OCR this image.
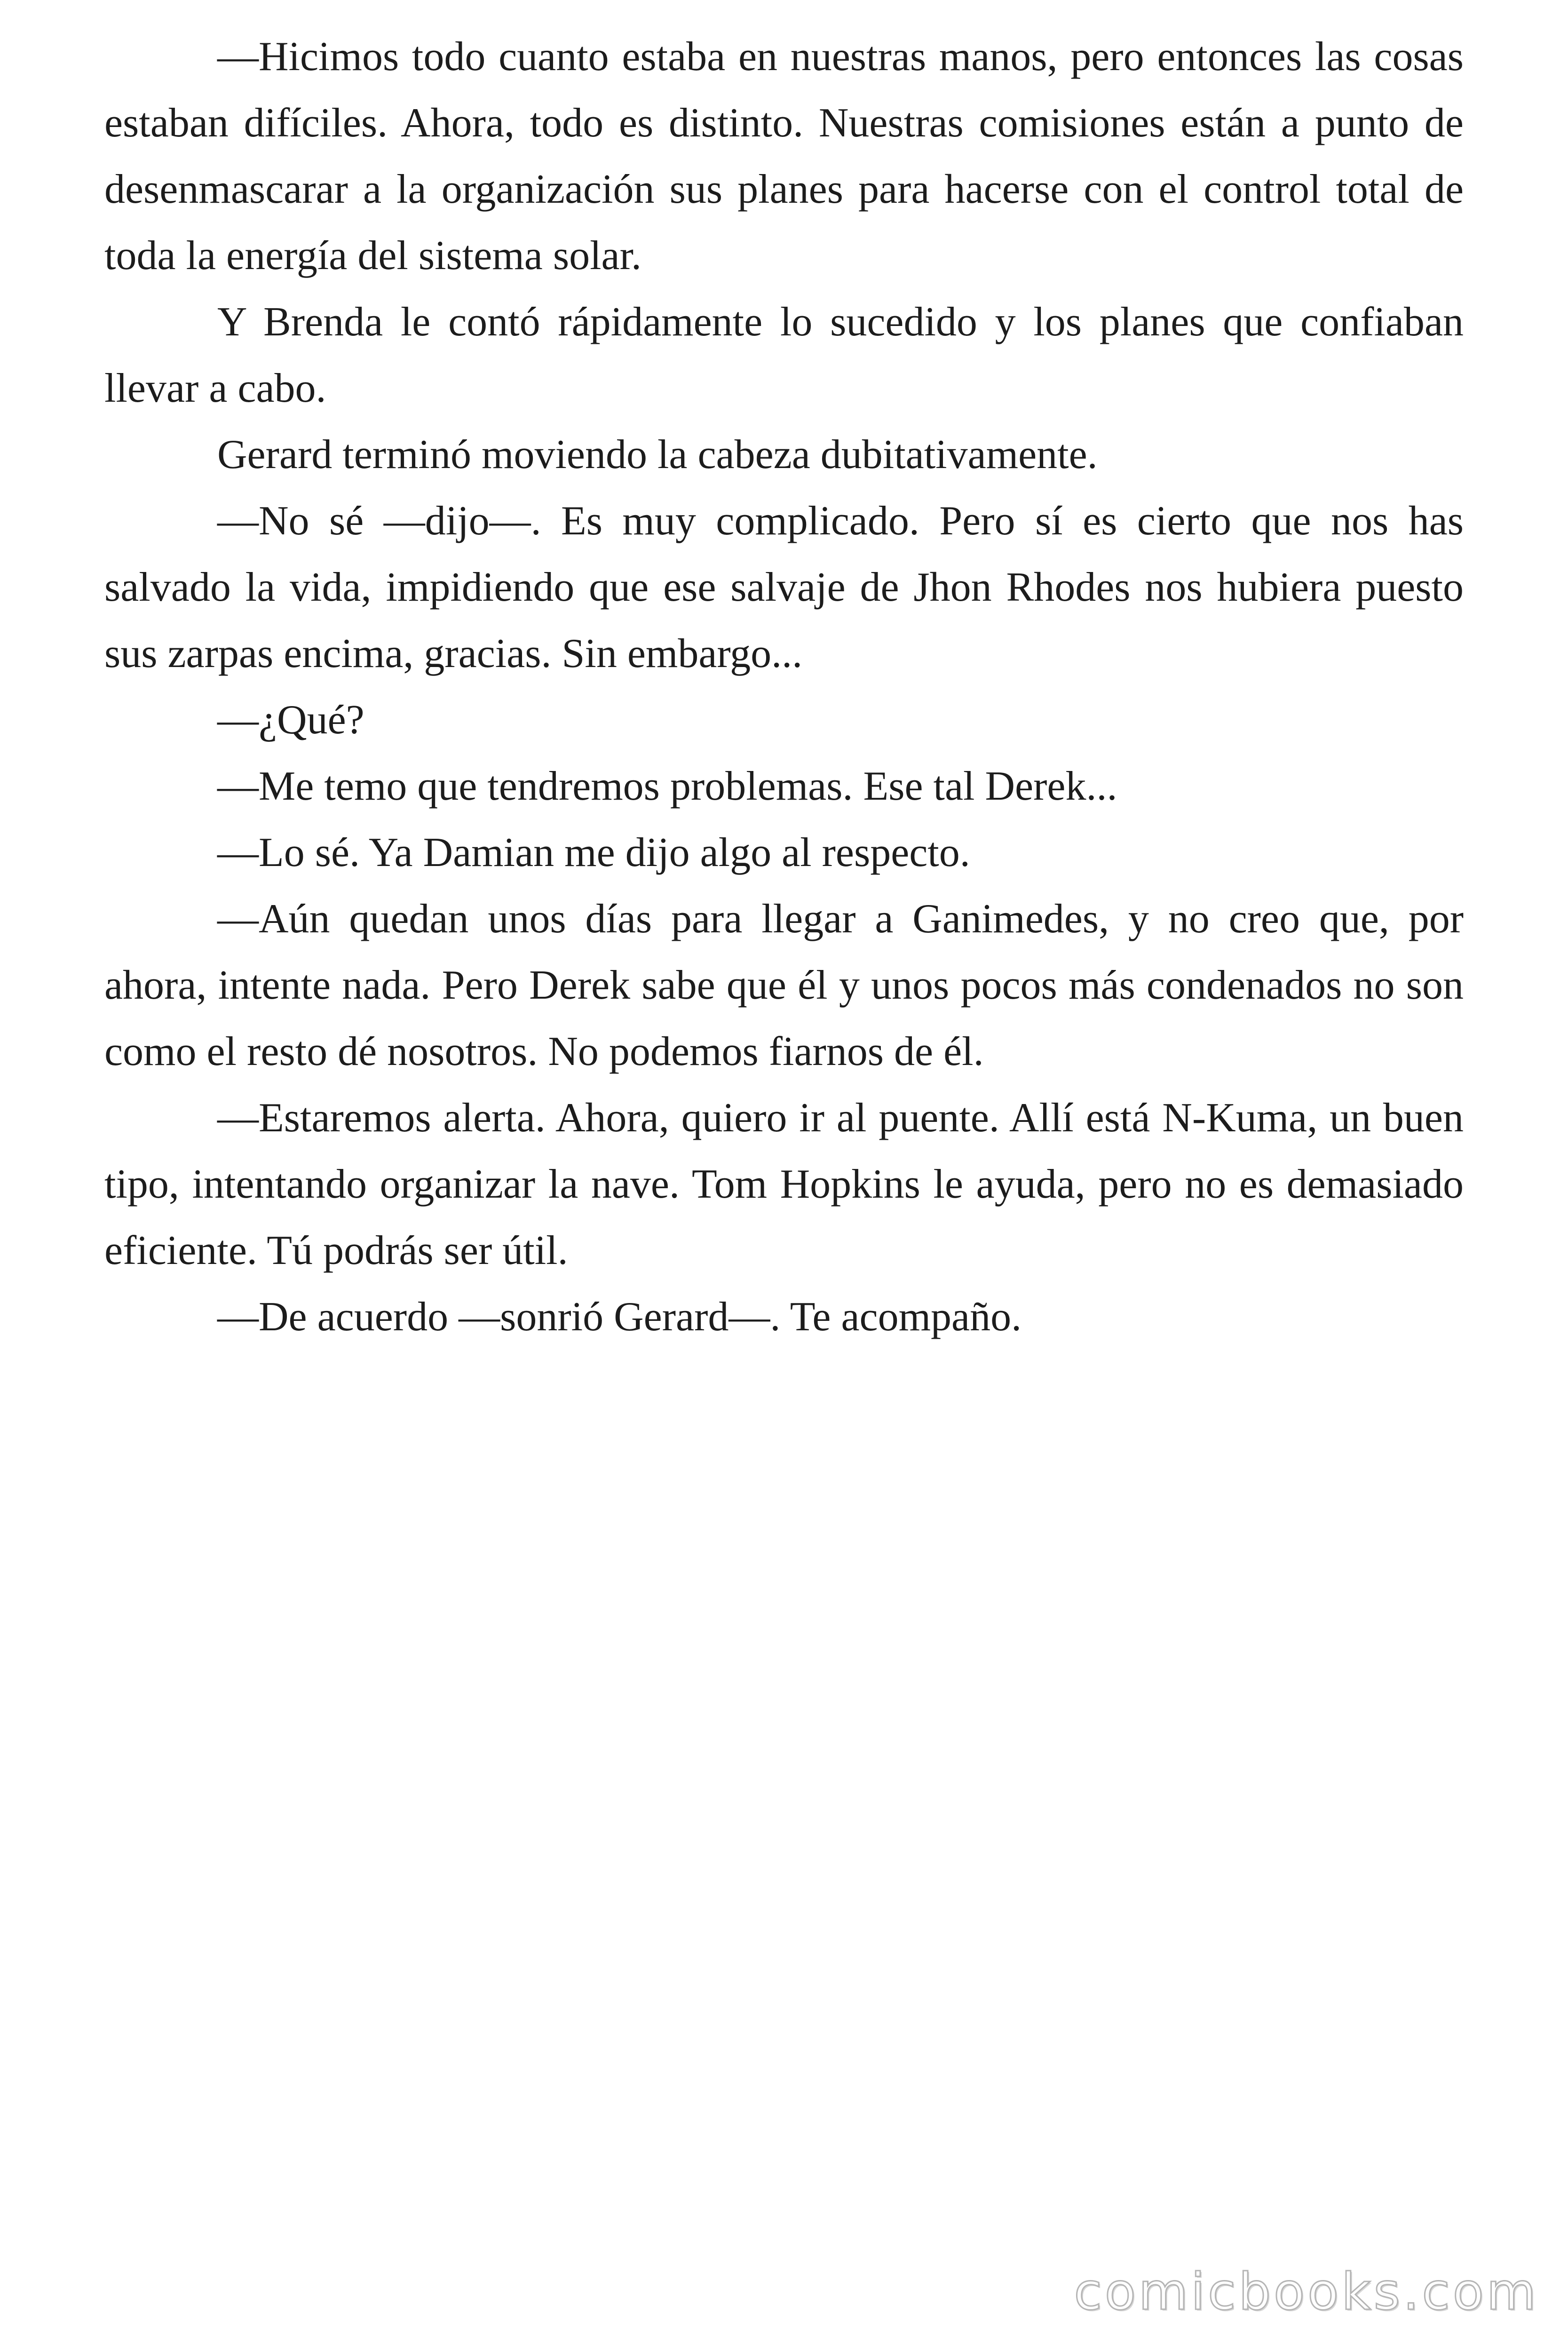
—Hicimos todo cuanto estaba en nuestras manos, pero entonces las cosas estaban difíciles. Ahora, todo es distinto. Nuestras comisiones están a punto de desenmascarar a la organización sus planes para hacerse con el control total de toda la energía del sistema solar.

Y Brenda le contó rápidamente lo sucedido y los planes que confiaban llevar a cabo.

Gerard terminó moviendo la cabeza dubitativamente.

—No sé —dijo—. Es muy complicado. Pero sí es cierto que nos has salvado la vida, impidiendo que ese salvaje de Jhon Rhodes nos hubiera puesto sus zarpas encima, gracias. Sin embargo...

—¿Qué?

—Me temo que tendremos problemas. Ese tal Derek...

—Lo sé. Ya Damian me dijo algo al respecto.

—Aún quedan unos días para llegar a Ganimedes, y no creo que, por ahora, intente nada. Pero Derek sabe que él y unos pocos más condenados no son como el resto dé nosotros. No podemos fiarnos de él.

—Estaremos alerta. Ahora, quiero ir al puente. Allí está N-Kuma, un buen tipo, intentando organizar la nave. Tom Hopkins le ayuda, pero no es demasiado eficiente. Tú podrás ser útil.

—De acuerdo —sonrió Gerard—. Te acompaño.

comicbooks.com
